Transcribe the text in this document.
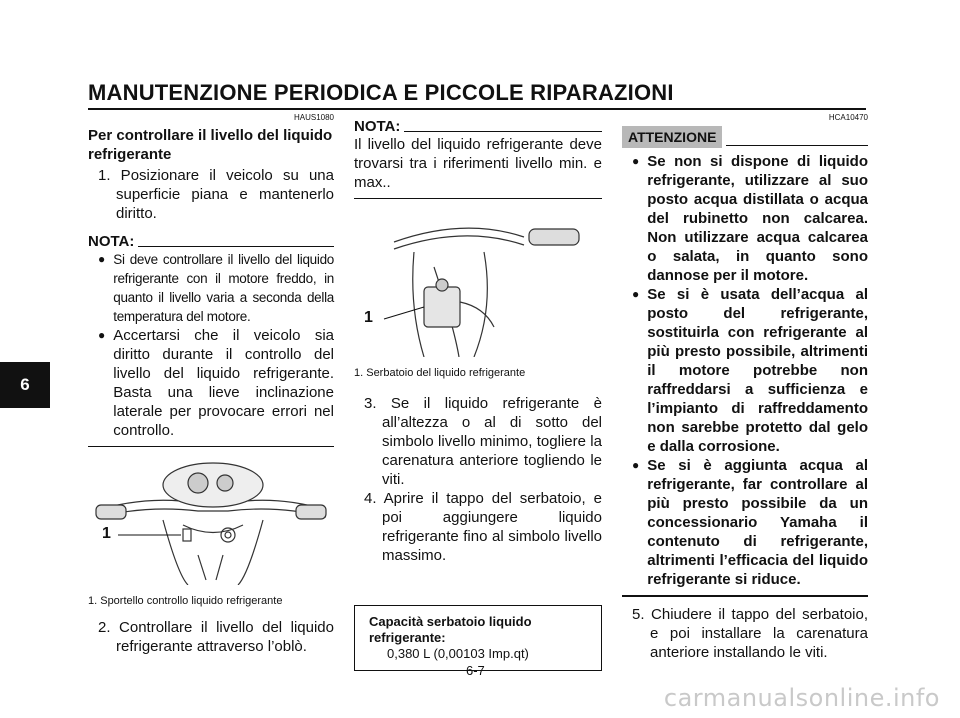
MANUTENZIONE PERIODICA E PICCOLE RIPARAZIONI
6
HAUS1080
Per controllare il livello del liquido refrigerante

1. Posizionare il veicolo su una superficie piana e mantenerlo diritto.

NOTA:
● Si deve controllare il livello del liquido refrigerante con il motore freddo, in quanto il livello varia a seconda della temperatura del motore.
● Accertarsi che il veicolo sia diritto durante il controllo del livello del liquido refrigerante. Basta una lieve inclinazione laterale per provocare errori nel controllo.
1
1. Sportello controllo liquido refrigerante

2. Controllare il livello del liquido refrigerante attraverso l’oblò.

NOTA:

Il livello del liquido refrigerante deve trovarsi tra i riferimenti livello min. e max..

1
1. Serbatoio del liquido refrigerante

3. Se il liquido refrigerante è all’altezza o al di sotto del simbolo livello minimo, togliere la carenatura anteriore togliendo le viti.

4. Aprire il tappo del serbatoio, e poi aggiungere liquido refrigerante fino al simbolo livello massimo.

Capacità serbatoio liquido refrigerante:
0,380 L (0,00103 Imp.qt)
HCA10470
ATTENZIONE
● Se non si dispone di liquido refrigerante, utilizzare al suo posto acqua distillata o acqua del rubinetto non calcarea. Non utilizzare acqua calcarea o salata, in quanto sono dannose per il motore.
● Se si è usata dell’acqua al posto del refrigerante, sostituirla con refrigerante al più presto possibile, altrimenti il motore potrebbe non raffreddarsi a sufficienza e l’impianto di raffreddamento non sarebbe protetto dal gelo e dalla corrosione.
● Se si è aggiunta acqua al refrigerante, far controllare al più presto possibile da un concessionario Yamaha il contenuto di refrigerante, altrimenti l’efficacia del liquido refrigerante si riduce.

5. Chiudere il tappo del serbatoio, e poi installare la carenatura anteriore installando le viti.

6-7
carmanualsonline.info
